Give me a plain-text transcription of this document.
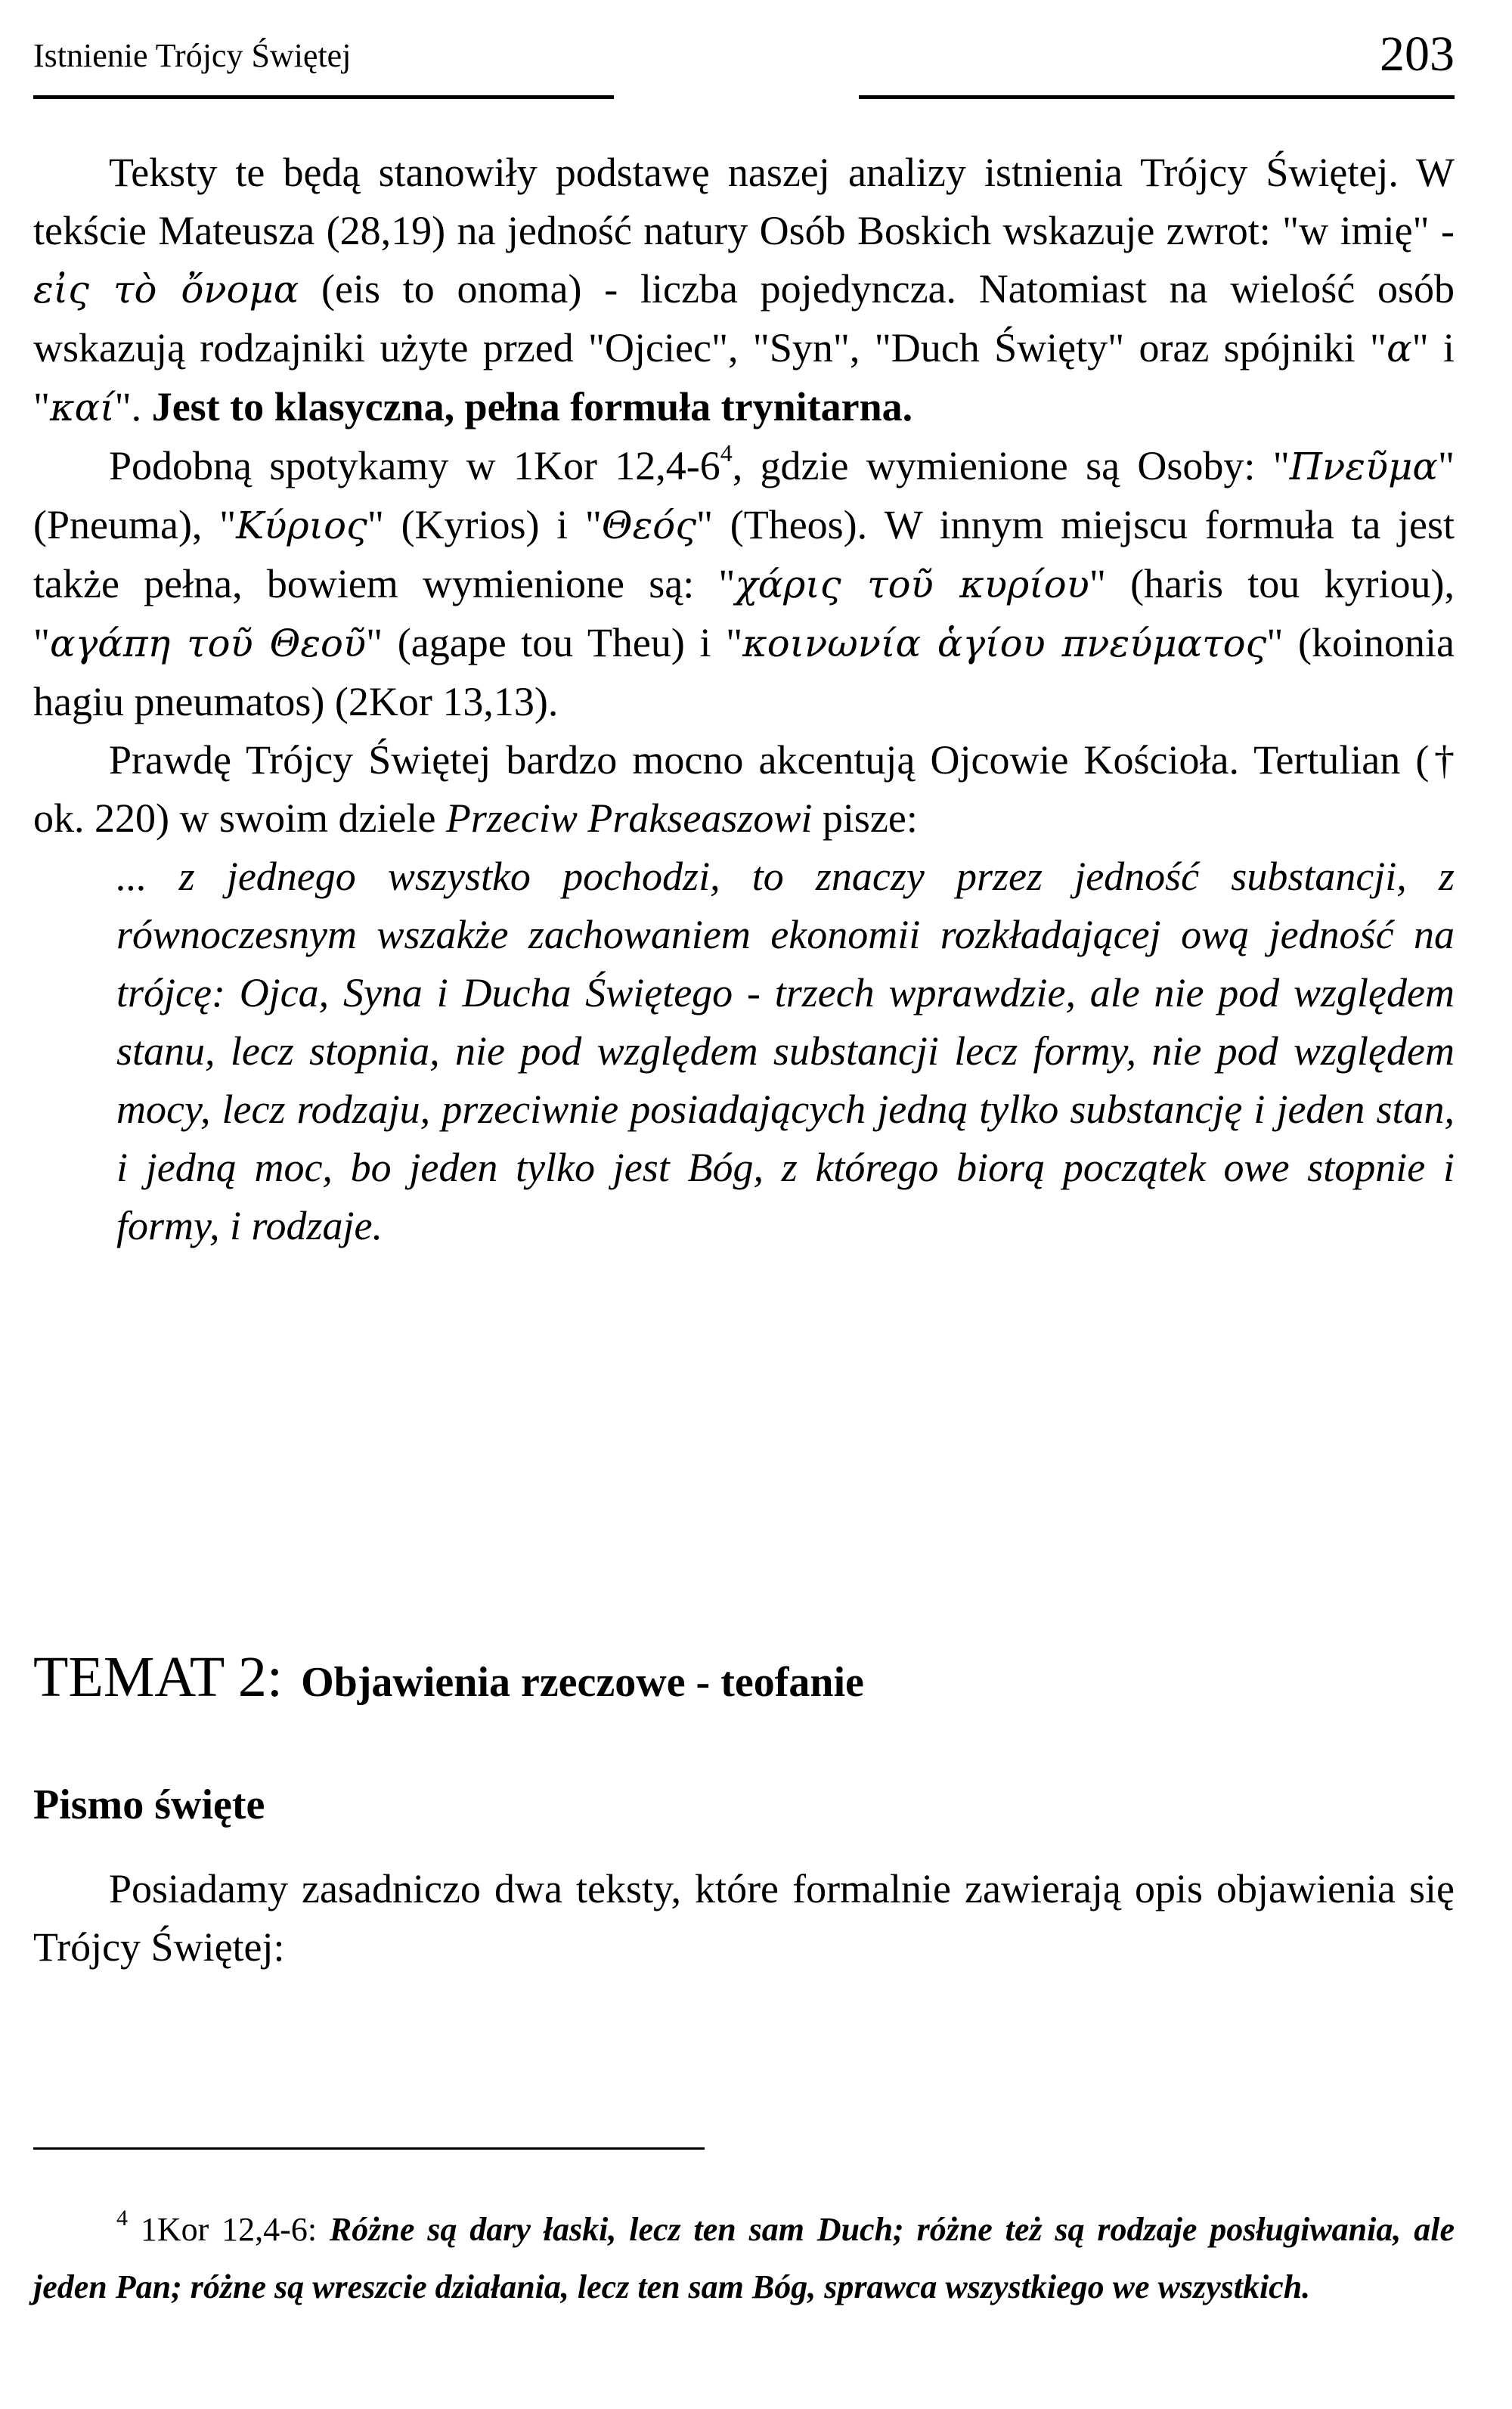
Istnienie Trójcy Świętej	203

Teksty te będą stanowiły podstawę naszej analizy istnienia Trójcy Świętej. W tekście Mateusza (28,19) na jedność natury Osób Boskich wskazuje zwrot: "w imię" - εἰς τὸ ὄνομα (eis to onoma) - liczba pojedyncza. Natomiast na wielość osób wskazują rodzajniki użyte przed "Ojciec", "Syn", "Duch Święty" oraz spójniki "α" i "καί". Jest to klasyczna, pełna formuła trynitarna.

Podobną spotykamy w 1Kor 12,4-6$^4$, gdzie wymienione są Osoby: "Πνεῦμα" (Pneuma), "Κύριος" (Kyrios) i "Θεός" (Theos). W innym miejscu formuła ta jest także pełna, bowiem wymienione są: "χάρις τοῦ κυρίου" (haris tou kyriou), "αγάπη τοῦ Θεοῦ" (agape tou Theu) i "κοινωνία ἁγίου πνεύματος" (koinonia hagiu pneumatos) (2Kor 13,13).

Prawdę Trójcy Świętej bardzo mocno akcentują Ojcowie Kościoła. Tertulian († ok. 220) w swoim dziele Przeciw Prakseaszowi pisze:

... z jednego wszystko pochodzi, to znaczy przez jedność substancji, z równoczesnym wszakże zachowaniem ekonomii rozkładającej ową jedność na trójcę: Ojca, Syna i Ducha Świętego - trzech wprawdzie, ale nie pod względem stanu, lecz stopnia, nie pod względem substancji lecz formy, nie pod względem mocy, lecz rodzaju, przeciwnie posiadających jedną tylko substancję i jeden stan, i jedną moc, bo jeden tylko jest Bóg, z którego biorą początek owe stopnie i formy, i rodzaje.

TEMAT 2: Objawienia rzeczowe - teofanie
Pismo święte

Posiadamy zasadniczo dwa teksty, które formalnie zawierają opis objawienia się Trójcy Świętej:

$^4$ 1Kor 12,4-6: Różne są dary łaski, lecz ten sam Duch; różne też są rodzaje posługiwania, ale jeden Pan; różne są wreszcie działania, lecz ten sam Bóg, sprawca wszystkiego we wszystkich.
